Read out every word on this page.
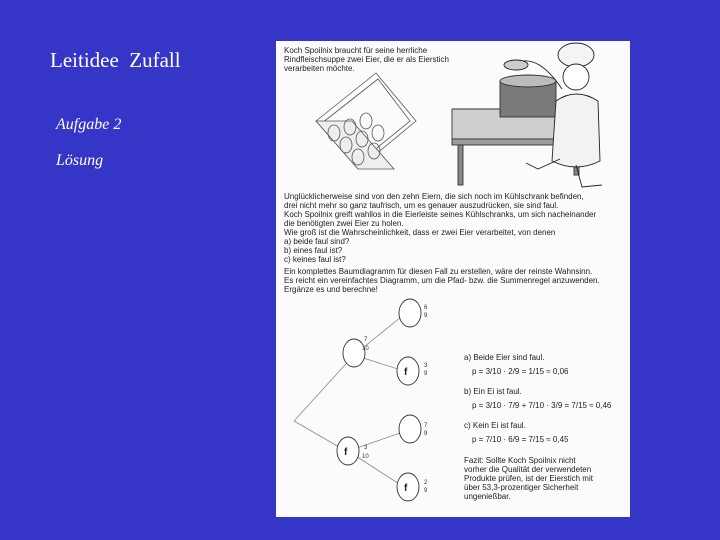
Leitidee  Zufall
Aufgabe 2
Lösung
f
f
f
7
10
3
10
6
9
3
9
7
9
2
9
Koch Spoilnix braucht für seine herrliche
Rindfleischsuppe zwei Eier, die er als Eierstich
verarbeiten möchte.
Unglücklicherweise sind von den zehn Eiern, die sich noch im Kühlschrank befinden,
drei nicht mehr so ganz taufrisch, um es genauer auszudrücken, sie sind faul.
Koch Spoilnix greift wahllos in die Eierleiste seines Kühlschranks, um sich nacheinander
die benötigten zwei Eier zu holen.
Wie groß ist die Wahrscheinlichkeit, dass er zwei Eier verarbeitet, von denen
a) beide faul sind?
b) eines faul ist?
c) keines faul ist?
Ein komplettes Baumdiagramm für diesen Fall zu erstellen, wäre der reinste Wahnsinn.
Es reicht ein vereinfachtes Diagramm, um die Pfad- bzw. die Summenregel anzuwenden.
Ergänze es und berechne!
a) Beide Eier sind faul.
p = 3/10 · 2/9 = 1/15 ≈ 0,06
b) Ein Ei ist faul.
p = 3/10 · 7/9 + 7/10 · 3/9 = 7/15 ≈ 0,46
c) Kein Ei ist faul.
p = 7/10 · 6/9 = 7/15 ≈ 0,45
Fazit: Sollte Koch Spoilnix nicht
vorher die Qualität der verwendeten
Produkte prüfen, ist der Eierstich mit
über 53,3-prozentiger Sicherheit
ungenießbar.
